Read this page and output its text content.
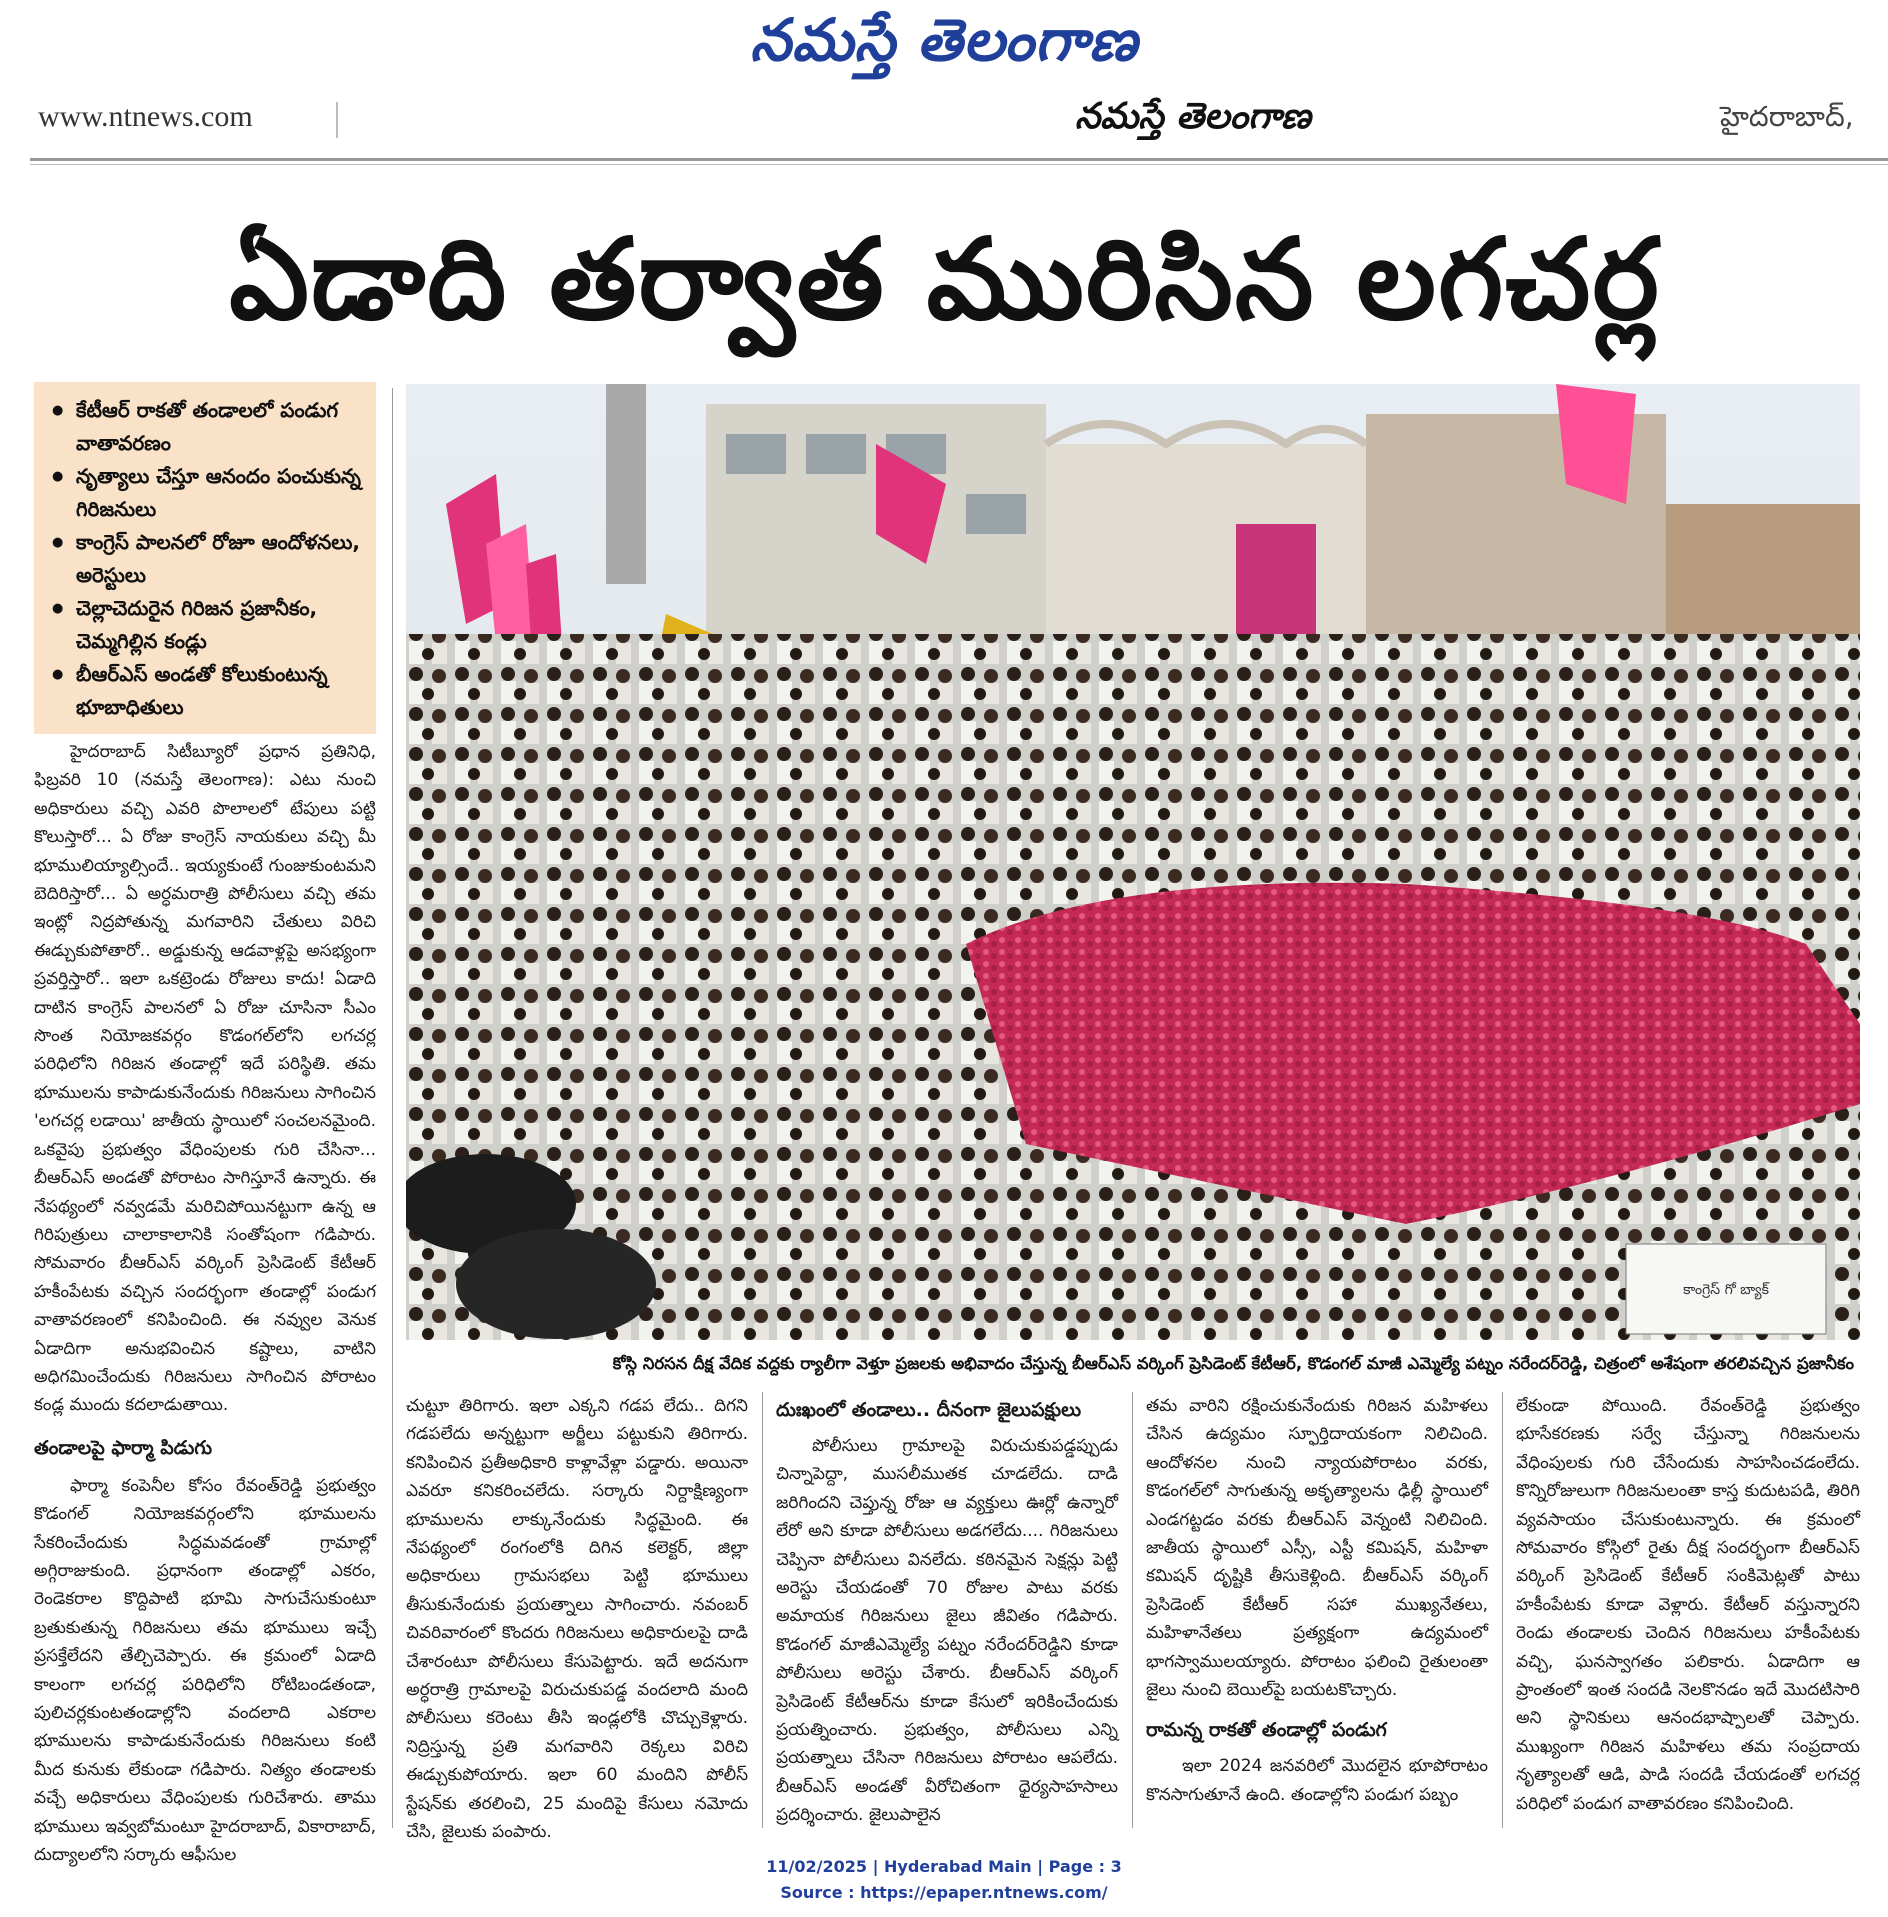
నమస్తే తెలంగాణ
www.ntnews.com	నమస్తే తెలంగాణ	హైదరాబాద్,
ఏడాది తర్వాత మురిసిన లగచర్ల
● కేటీఆర్ రాకతో తండాలలో పండుగ వాతావరణం
● నృత్యాలు చేస్తూ ఆనందం పంచుకున్న గిరిజనులు
● కాంగ్రెస్ పాలనలో రోజూ ఆందోళనలు, అరెస్టులు
● చెల్లాచెదురైన గిరిజన ప్రజానీకం, చెమ్మగిల్లిన కండ్లు
● బీఆర్ఎస్ అండతో కోలుకుంటున్న భూబాధితులు
కాంగ్రెస్ గో బ్యాక్
కోస్గి నిరసన దీక్ష వేదిక వద్దకు ర్యాలీగా వెళ్తూ ప్రజలకు అభివాదం చేస్తున్న బీఆర్ఎస్ వర్కింగ్ ప్రెసిడెంట్ కేటీఆర్, కొడంగల్ మాజీ ఎమ్మెల్యే పట్నం నరేందర్‌రెడ్డి, చిత్రంలో అశేషంగా తరలివచ్చిన ప్రజానీకం

హైదరాబాద్ సిటీబ్యూరో ప్రధాన ప్రతినిధి, ఫిబ్రవరి 10 (నమస్తే తెలంగాణ): ఎటు నుంచి అధికారులు వచ్చి ఎవరి పొలాలలో టేపులు పట్టి కొలుస్తారో... ఏ రోజు కాంగ్రెస్ నాయకులు వచ్చి మీ భూములియ్యాల్సిందే.. ఇయ్యకుంటే గుంజుకుంటమని బెదిరిస్తారో... ఏ అర్ధమరాత్రి పోలీసులు వచ్చి తమ ఇంట్లో నిద్రపోతున్న మగవారిని చేతులు విరిచి ఈడ్చుకుపోతారో.. అడ్డుకున్న ఆడవాళ్లపై అసభ్యంగా ప్రవర్తిస్తారో.. ఇలా ఒకట్రెండు రోజులు కాదు! ఏడాది దాటిన కాంగ్రెస్ పాలనలో ఏ రోజు చూసినా సీఎం సొంత నియోజకవర్గం కొడంగల్‌లోని లగచర్ల పరిధిలోని గిరిజన తండాల్లో ఇదే పరిస్థితి. తమ భూములను కాపాడుకునేందుకు గిరిజనులు సాగించిన 'లగచర్ల లడాయి' జాతీయ స్థాయిలో సంచలనమైంది. ఒకవైపు ప్రభుత్వం వేధింపులకు గురి చేసినా... బీఆర్ఎస్ అండతో పోరాటం సాగిస్తూనే ఉన్నారు. ఈ నేపథ్యంలో నవ్వడమే మరిచిపోయినట్టుగా ఉన్న ఆ గిరిపుత్రులు చాలాకాలానికి సంతోషంగా గడిపారు. సోమవారం బీఆర్ఎస్ వర్కింగ్ ప్రెసిడెంట్ కేటీఆర్ హకీంపేటకు వచ్చిన సందర్భంగా తండాల్లో పండుగ వాతావరణంలో కనిపించింది. ఈ నవ్వుల వెనుక ఏడాదిగా అనుభవించిన కష్టాలు, వాటిని అధిగమించేందుకు గిరిజనులు సాగించిన పోరాటం కండ్ల ముందు కదలాడుతాయి.

తండాలపై ఫార్మా పిడుగు

ఫార్మా కంపెనీల కోసం రేవంత్‌రెడ్డి ప్రభుత్వం కొడంగల్ నియోజకవర్గంలోని భూములను సేకరించేందుకు సిద్ధమవడంతో గ్రామాల్లో అగ్గిరాజుకుంది. ప్రధానంగా తండాల్లో ఎకరం, రెండెకరాల కొద్దిపాటి భూమి సాగుచేసుకుంటూ బ్రతుకుతున్న గిరిజనులు తమ భూములు ఇచ్చే ప్రసక్తేలేదని తేల్చిచెప్పారు. ఈ క్రమంలో ఏడాది కాలంగా లగచర్ల పరిధిలోని రోటిబండతండా, పులిచర్లకుంటతండాల్లోని వందలాది ఎకరాల భూములను కాపాడుకునేందుకు గిరిజనులు కంటి మీద కునుకు లేకుండా గడిపారు. నిత్యం తండాలకు వచ్చే అధికారులు వేధింపులకు గురిచేశారు. తాము భూములు ఇవ్వబోమంటూ హైదరాబాద్, వికారాబాద్, దుద్యాలలోని సర్కారు ఆఫీసుల

చుట్టూ తిరిగారు. ఇలా ఎక్కని గడప లేదు.. దిగని గడపలేదు అన్నట్టుగా అర్జీలు పట్టుకుని తిరిగారు. కనిపించిన ప్రతీఅధికారి కాళ్లావేళ్లా పడ్డారు. అయినా ఎవరూ కనికరించలేదు. సర్కారు నిర్దాక్షిణ్యంగా భూములను లాక్కునేందుకు సిద్ధమైంది. ఈ నేపథ్యంలో రంగంలోకి దిగిన కలెక్టర్, జిల్లా అధికారులు గ్రామసభలు పెట్టి భూములు తీసుకునేందుకు ప్రయత్నాలు సాగించారు. నవంబర్ చివరివారంలో కొందరు గిరిజనులు అధికారులపై దాడి చేశారంటూ పోలీసులు కేసుపెట్టారు. ఇదే అదనుగా అర్ధరాత్రి గ్రామాలపై విరుచుకుపడ్డ వందలాది మంది పోలీసులు కరెంటు తీసి ఇండ్లలోకి చొచ్చుకెళ్లారు. నిద్రిస్తున్న ప్రతి మగవారిని రెక్కలు విరిచి ఈడ్చుకుపోయారు. ఇలా 60 మందిని పోలీస్ స్టేషన్‌కు తరలించి, 25 మందిపై కేసులు నమోదు చేసి, జైలుకు పంపారు.

దుఃఖంలో తండాలు.. దీనంగా జైలుపక్షులు

పోలీసులు గ్రామాలపై విరుచుకుపడ్డప్పుడు చిన్నాపెద్దా, ముసలీముతక చూడలేదు. దాడి జరిగిందని చెప్తున్న రోజు ఆ వ్యక్తులు ఊర్లో ఉన్నారో లేరో అని కూడా పోలీసులు అడగలేదు.... గిరిజనులు చెప్పినా పోలీసులు వినలేదు. కఠినమైన సెక్షన్లు పెట్టి అరెస్టు చేయడంతో 70 రోజుల పాటు వరకు అమాయక గిరిజనులు జైలు జీవితం గడిపారు. కొడంగల్ మాజీఎమ్మెల్యే పట్నం నరేందర్‌రెడ్డిని కూడా పోలీసులు అరెస్టు చేశారు. బీఆర్ఎస్ వర్కింగ్ ప్రెసిడెంట్ కేటీఆర్‌ను కూడా కేసులో ఇరికించేందుకు ప్రయత్నించారు. ప్రభుత్వం, పోలీసులు ఎన్ని ప్రయత్నాలు చేసినా గిరిజనులు పోరాటం ఆపలేదు. బీఆర్ఎస్ అండతో వీరోచితంగా ధైర్యసాహసాలు ప్రదర్శించారు. జైలుపాలైన

తమ వారిని రక్షించుకునేందుకు గిరిజన మహిళలు చేసిన ఉద్యమం స్ఫూర్తిదాయకంగా నిలిచింది. ఆందోళనల నుంచి న్యాయపోరాటం వరకు, కొడంగల్‌లో సాగుతున్న అకృత్యాలను ఢిల్లీ స్థాయిలో ఎండగట్టడం వరకు బీఆర్ఎస్ వెన్నంటి నిలిచింది. జాతీయ స్థాయిలో ఎస్సీ, ఎస్టీ కమిషన్, మహిళా కమిషన్ దృష్టికి తీసుకెళ్లింది. బీఆర్ఎస్ వర్కింగ్ ప్రెసిడెంట్ కేటీఆర్ సహా ముఖ్యనేతలు, మహిళానేతలు ప్రత్యక్షంగా ఉద్యమంలో భాగస్వాములయ్యారు. పోరాటం ఫలించి రైతులంతా జైలు నుంచి బెయిల్‌పై బయటకొచ్చారు.

రామన్న రాకతో తండాల్లో పండుగ

ఇలా 2024 జనవరిలో మొదలైన భూపోరాటం కొనసాగుతూనే ఉంది. తండాల్లోని పండుగ పబ్బం

లేకుండా పోయింది. రేవంత్‌రెడ్డి ప్రభుత్వం భూసేకరణకు సర్వే చేస్తున్నా గిరిజనులను వేధింపులకు గురి చేసేందుకు సాహసించడంలేదు. కొన్నిరోజులుగా గిరిజనులంతా కాస్త కుదుటపడి, తిరిగి వ్యవసాయం చేసుకుంటున్నారు. ఈ క్రమంలో సోమవారం కోస్గిలో రైతు దీక్ష సందర్భంగా బీఆర్ఎస్ వర్కింగ్ ప్రెసిడెంట్ కేటీఆర్ సంకిమెట్లతో పాటు హకీంపేటకు కూడా వెళ్లారు. కేటీఆర్ వస్తున్నారని రెండు తండాలకు చెందిన గిరిజనులు హకీంపేటకు వచ్చి, ఘనస్వాగతం పలికారు. ఏడాదిగా ఆ ప్రాంతంలో ఇంత సందడి నెలకొనడం ఇదే మొదటిసారి అని స్థానికులు ఆనందభాష్పాలతో చెప్పారు. ముఖ్యంగా గిరిజన మహిళలు తమ సంప్రదాయ నృత్యాలతో ఆడి, పాడి సందడి చేయడంతో లగచర్ల పరిధిలో పండుగ వాతావరణం కనిపించింది.

11/02/2025 | Hyderabad Main | Page : 3
Source : https://epaper.ntnews.com/
